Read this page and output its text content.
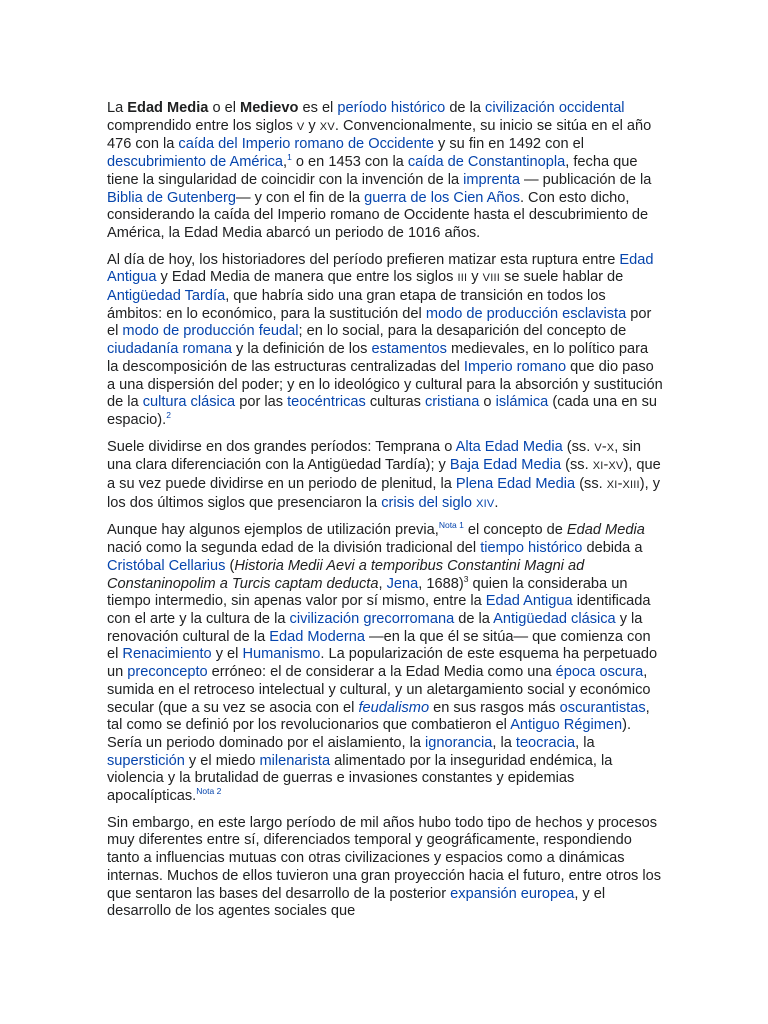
La Edad Media o el Medievo es el período histórico de la civilización occidental comprendido entre los siglos V y XV. Convencionalmente, su inicio se sitúa en el año 476 con la caída del Imperio romano de Occidente y su fin en 1492 con el descubrimiento de América,$^1$ o en 1453 con la caída de Constantinopla, fecha que tiene la singularidad de coincidir con la invención de la imprenta — publicación de la Biblia de Gutenberg— y con el fin de la guerra de los Cien Años. Con esto dicho, considerando la caída del Imperio romano de Occidente hasta el descubrimiento de América, la Edad Media abarcó un periodo de 1016 años.

Al día de hoy, los historiadores del período prefieren matizar esta ruptura entre Edad Antigua y Edad Media de manera que entre los siglos III y VIII se suele hablar de Antigüedad Tardía, que habría sido una gran etapa de transición en todos los ámbitos: en lo económico, para la sustitución del modo de producción esclavista por el modo de producción feudal; en lo social, para la desaparición del concepto de ciudadanía romana y la definición de los estamentos medievales, en lo político para la descomposición de las estructuras centralizadas del Imperio romano que dio paso a una dispersión del poder; y en lo ideológico y cultural para la absorción y sustitución de la cultura clásica por las teocéntricas culturas cristiana o islámica (cada una en su espacio).$^2$

Suele dividirse en dos grandes períodos: Temprana o Alta Edad Media (ss. V-X, sin una clara diferenciación con la Antigüedad Tardía); y Baja Edad Media (ss. XI-XV), que a su vez puede dividirse en un periodo de plenitud, la Plena Edad Media (ss. XI-XIII), y los dos últimos siglos que presenciaron la crisis del siglo XIV.

Aunque hay algunos ejemplos de utilización previa,$^{Nota 1}$ el concepto de Edad Media nació como la segunda edad de la división tradicional del tiempo histórico debida a Cristóbal Cellarius (Historia Medii Aevi a temporibus Constantini Magni ad Constaninopolim a Turcis captam deducta, Jena, 1688)$^3$ quien la consideraba un tiempo intermedio, sin apenas valor por sí mismo, entre la Edad Antigua identificada con el arte y la cultura de la civilización grecorromana de la Antigüedad clásica y la renovación cultural de la Edad Moderna —en la que él se sitúa— que comienza con el Renacimiento y el Humanismo. La popularización de este esquema ha perpetuado un preconcepto erróneo: el de considerar a la Edad Media como una época oscura, sumida en el retroceso intelectual y cultural, y un aletargamiento social y económico secular (que a su vez se asocia con el feudalismo en sus rasgos más oscurantistas, tal como se definió por los revolucionarios que combatieron el Antiguo Régimen). Sería un periodo dominado por el aislamiento, la ignorancia, la teocracia, la superstición y el miedo milenarista alimentado por la inseguridad endémica, la violencia y la brutalidad de guerras e invasiones constantes y epidemias apocalípticas.$^{Nota 2}$

Sin embargo, en este largo período de mil años hubo todo tipo de hechos y procesos muy diferentes entre sí, diferenciados temporal y geográficamente, respondiendo tanto a influencias mutuas con otras civilizaciones y espacios como a dinámicas internas. Muchos de ellos tuvieron una gran proyección hacia el futuro, entre otros los que sentaron las bases del desarrollo de la posterior expansión europea, y el desarrollo de los agentes sociales que
